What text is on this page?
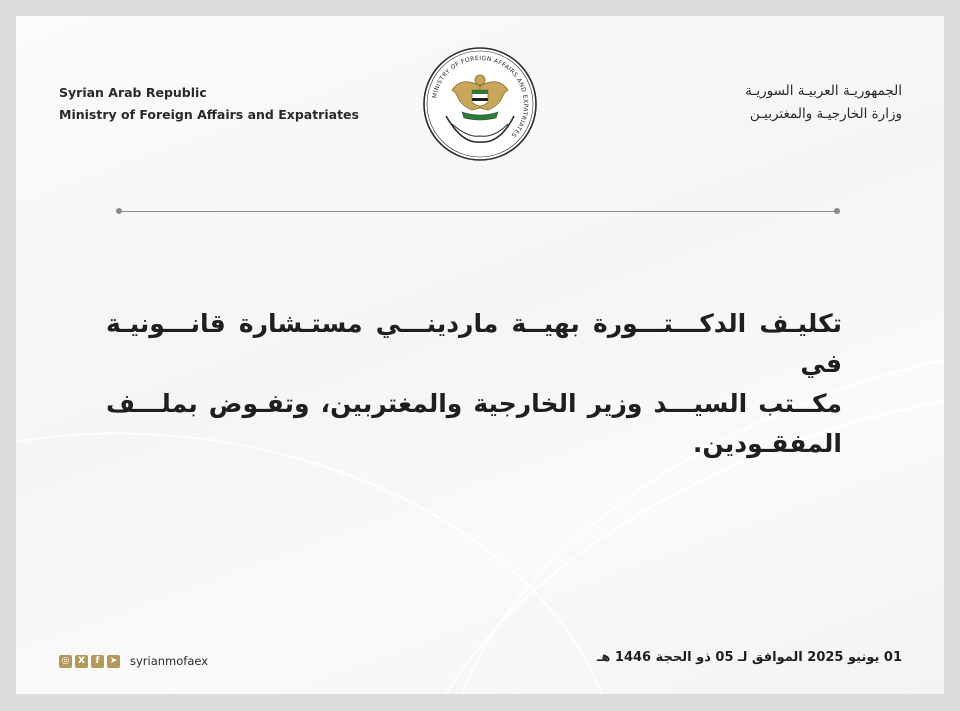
Syrian Arab Republic
Ministry of Foreign Affairs and Expatriates
MINISTRY OF FOREIGN AFFAIRS AND EXPATRIATES
الجمهوريـة العربيـة السوريـة
وزارة الخارجيـة والمغتربيـن
تكليـف الدكـــتـــورة بهيــة ماردينـــي مستـشارة قانـــونيـة في
مكــتب السيـــد وزير الخارجية والمغتربين، وتفـوض بملـــف المفقـودين.
◎ X	f	➤ syrianmofaex	01 يونيو 2025 الموافق لـ 05 ذو الحجة 1446 هـ
